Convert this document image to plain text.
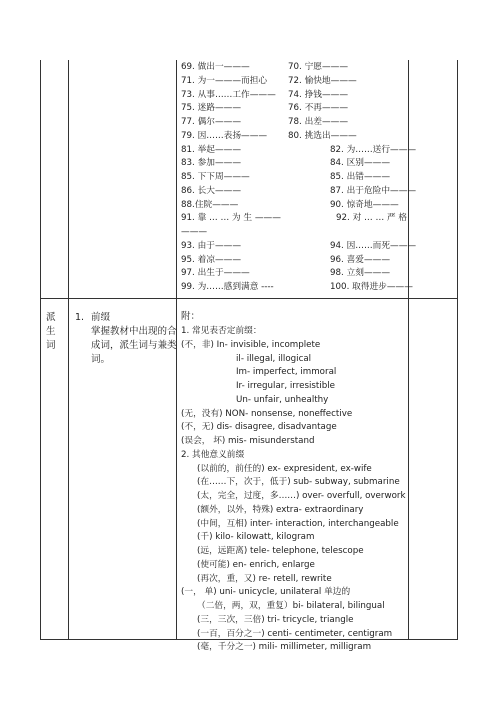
69. 做出一———
71. 为一———而担心
73. 从事……工作———
75. 迷路———
77. 偶尔———
79. 因……表扬———
81. 举起———
83. 参加———
85. 下下周———
86. 长大———
88.住院———
91. 靠 … … 为 生 ———
———
93. 由于———
95. 着凉———
97. 出生于———
99. 为……感到满意 ----
70. 宁愿———
72. 愉快地———
74. 挣钱———
76. 不再———
78. 出差———
80. 挑选出———
82. 为……送行———
84. 区别———
85. 出错———
87. 出于危险中———
90. 惊奇地———
92. 对 … … 严 格

94. 因……而死———
96. 喜爱———
98. 立刻———
100. 取得进步———
派
生
词
1. 前缀
掌握教材中出现的合
成词，派生词与兼类
词。
附：
1. 常见表否定前缀：
(不，非) In- invisible, incomplete
il- illegal, illogical
Im- imperfect, immoral
Ir- irregular, irresistible
Un- unfair, unhealthy
(无，没有) NON- nonsense, noneffective
(不，无) dis- disagree, disadvantage
(误会， 坏) mis- misunderstand
2. 其他意义前缀
(以前的，前任的) ex- expresident, ex-wife
(在……下，次于，低于) sub- subway, submarine
(太，完全，过度，多……) over- overfull, overwork
(额外，以外，特殊) extra- extraordinary
(中间，互相) inter- interaction, interchangeable
(千) kilo- kilowatt, kilogram
(远，远距离) tele- telephone, telescope
(使可能) en- enrich, enlarge
(再次，重，又) re- retell, rewrite
(一， 单) uni- unicycle, unilateral 单边的
（二倍，两，双，重复）bi- bilateral, bilingual
(三，三次，三倍) tri- tricycle, triangle
(一百，百分之一) centi- centimeter, centigram
(毫，千分之一) mili- millimeter, milligram
